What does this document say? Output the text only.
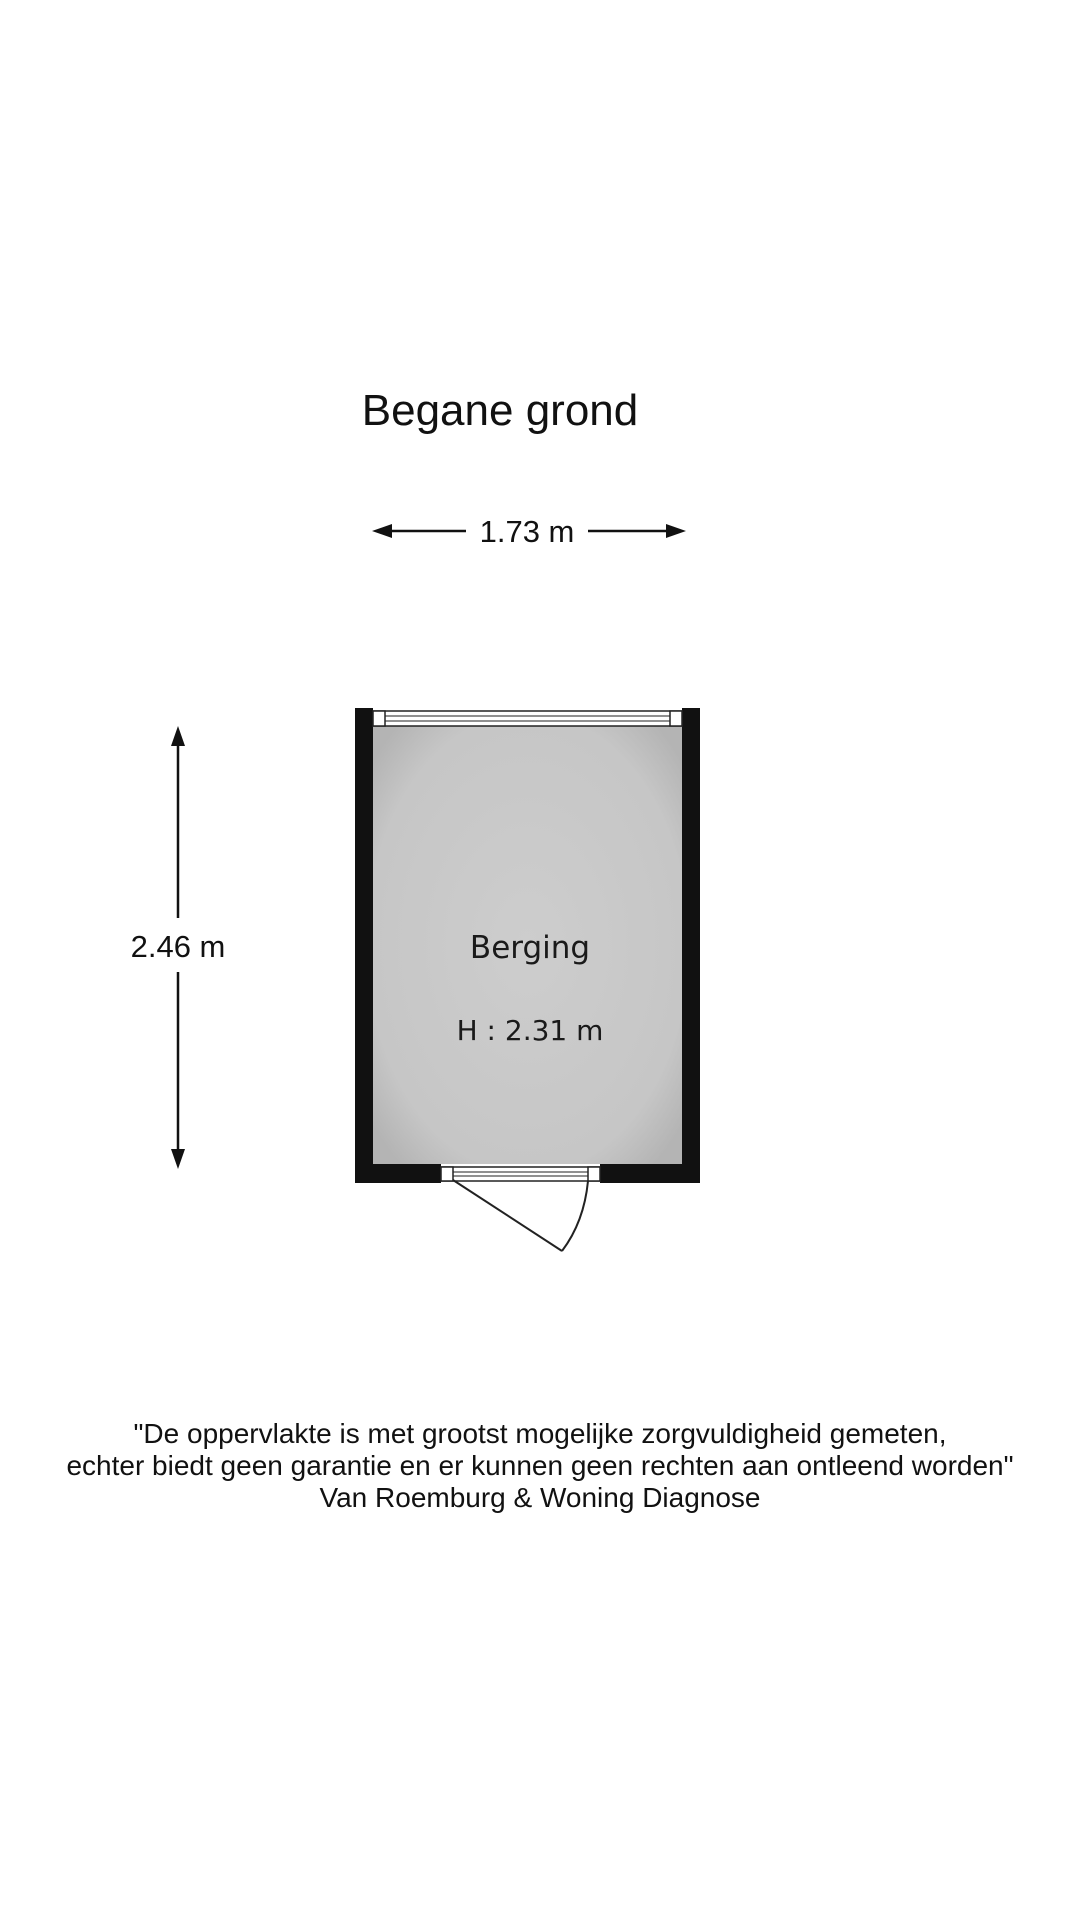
Begane grond
1.73 m
2.46 m	Berging
H : 2.31 m
"De oppervlakte is met grootst mogelijke zorgvuldigheid gemeten,
echter biedt geen garantie en er kunnen geen rechten aan ontleend worden"
Van Roemburg & Woning Diagnose
